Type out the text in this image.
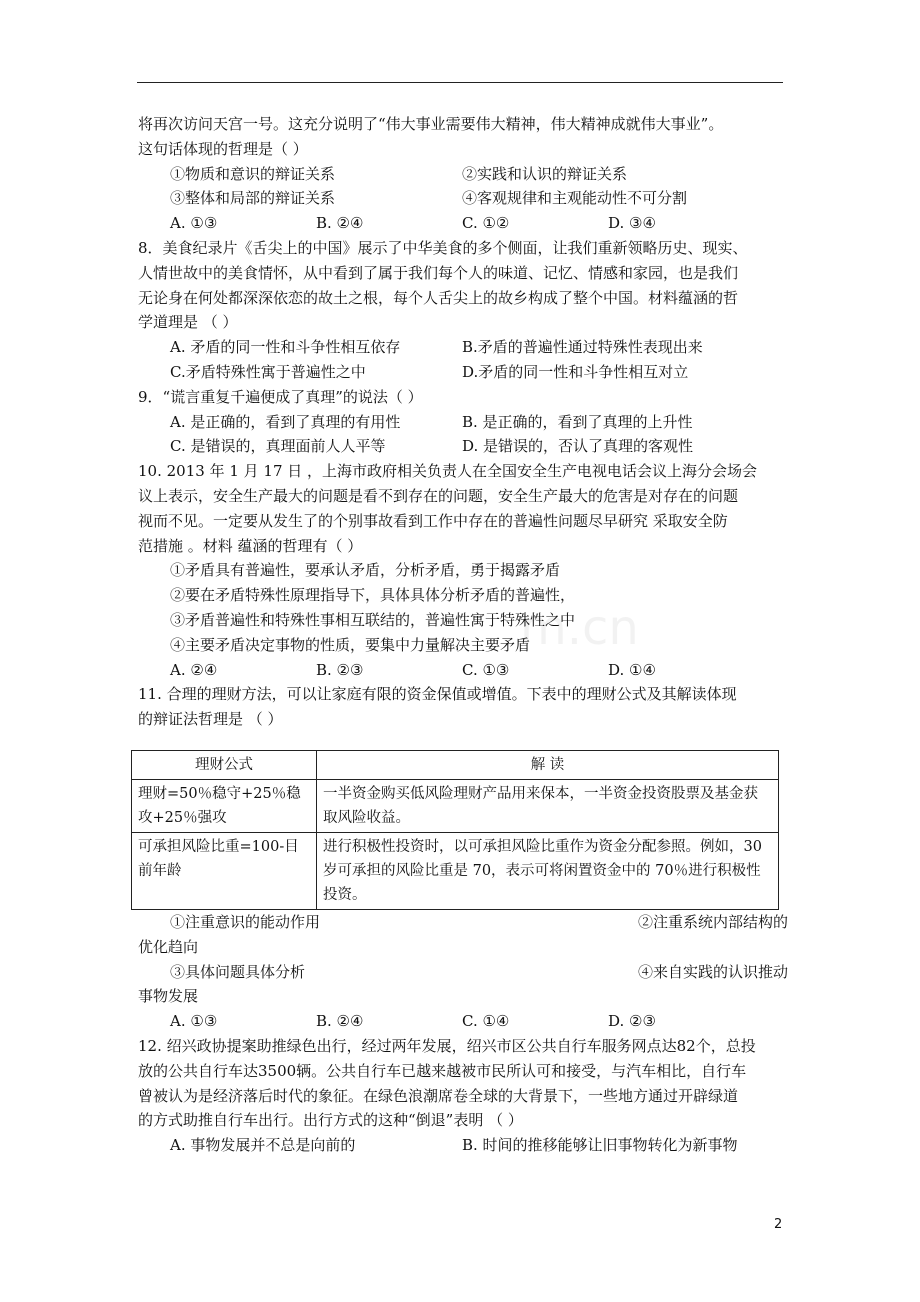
将再次访问天宫一号。这充分说明了“伟大事业需要伟大精神，伟大精神成就伟大事业”。
这句话体现的哲理是（ ）
①物质和意识的辩证关系	②实践和认识的辩证关系
③整体和局部的辩证关系	④客观规律和主观能动性不可分割
A. ①③	B. ②④	C. ①②	D. ③④
8．美食纪录片《舌尖上的中国》展示了中华美食的多个侧面，让我们重新领略历史、现实、
人情世故中的美食情怀，从中看到了属于我们每个人的味道、记忆、情感和家园，也是我们
无论身在何处都深深依恋的故土之根，每个人舌尖上的故乡构成了整个中国。材料蕴涵的哲
学道理是 （ ）
A. 矛盾的同一性和斗争性相互依存	B.矛盾的普遍性通过特殊性表现出来
C.矛盾特殊性寓于普遍性之中	D.矛盾的同一性和斗争性相互对立
9．“谎言重复千遍便成了真理”的说法（ ）
A. 是正确的，看到了真理的有用性	B. 是正确的，看到了真理的上升性
C. 是错误的，真理面前人人平等	D. 是错误的，否认了真理的客观性
10. 2013 年 1 月 17 日 ，上海市政府相关负责人在全国安全生产电视电话会议上海分会场会
议上表示，安全生产最大的问题是看不到存在的问题，安全生产最大的危害是对存在的问题
视而不见。一定要从发生了的个别事故看到工作中存在的普遍性问题尽早研究 采取安全防
范措施 。材料 蕴涵的哲理有（ ）
①矛盾具有普遍性，要承认矛盾，分析矛盾，勇于揭露矛盾
②要在矛盾特殊性原理指导下，具体具体分析矛盾的普遍性，
③矛盾普遍性和特殊性事相互联结的，普遍性寓于特殊性之中
④主要矛盾决定事物的性质，要集中力量解决主要矛盾
A. ②④	B. ②③	C. ①③	D. ①④
11. 合理的理财方法，可以让家庭有限的资金保值或增值。下表中的理财公式及其解读体现
的辩证法哲理是 （ ）
理财公式	解 读
理财=50％稳守+25％稳攻+25％强攻	一半资金购买低风险理财产品用来保本，一半资金投资股票及基金获取风险收益。
可承担风险比重=100-目前年龄	进行积极性投资时，以可承担风险比重作为资金分配参照。例如，30 岁可承担的风险比重是 70，表示可将闲置资金中的 70％进行积极性投资。
①注重意识的能动作用	②注重系统内部结构的
优化趋向
③具体问题具体分析	④来自实践的认识推动
事物发展
A. ①③	B. ②④	C. ①④	D. ②③
12. 绍兴政协提案助推绿色出行，经过两年发展，绍兴市区公共自行车服务网点达82个，总投
放的公共自行车达3500辆。公共自行车已越来越被市民所认可和接受，与汽车相比，自行车
曾被认为是经济落后时代的象征。在绿色浪潮席卷全球的大背景下，一些地方通过开辟绿道
的方式助推自行车出行。出行方式的这种“倒退”表明 （ ）
A. 事物发展并不总是向前的	B. 时间的推移能够让旧事物转化为新事物
m.cn
2
